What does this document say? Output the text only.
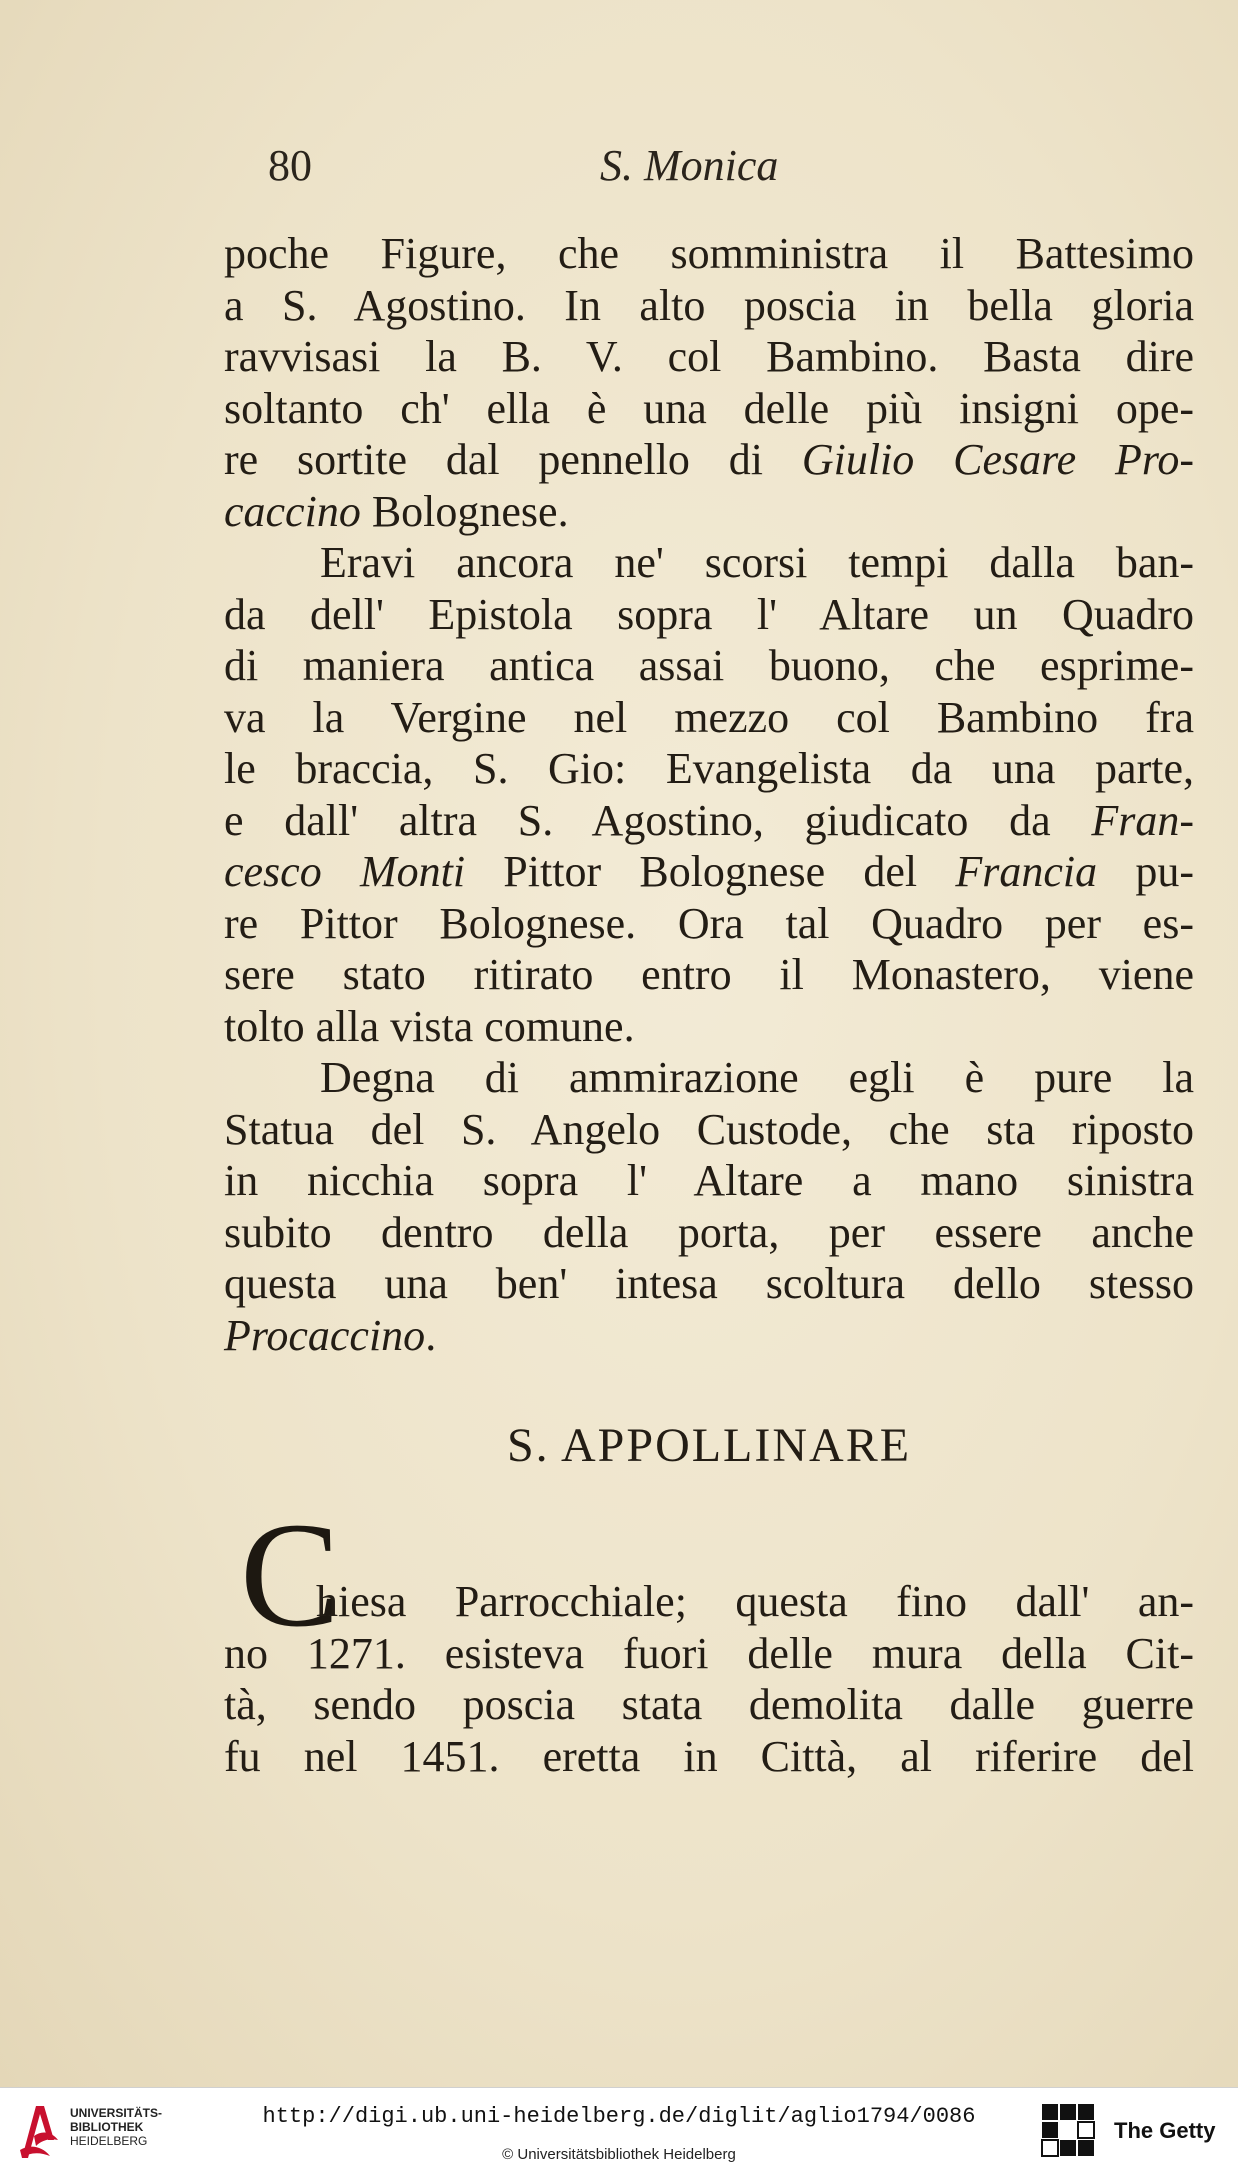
80	S. Monica
poche Figure, che somministra il Battesimo
a S. Agostino. In alto poscia in bella gloria
ravvisasi la B. V. col Bambino. Basta dire
soltanto ch' ella è una delle più insigni ope-
re sortite dal pennello di Giulio Cesare Pro-
caccino Bolognese.
Eravi ancora ne' scorsi tempi dalla ban-
da dell' Epistola sopra l' Altare un Quadro
di maniera antica assai buono, che esprime-
va la Vergine nel mezzo col Bambino fra
le braccia, S. Gio: Evangelista da una parte,
e dall' altra S. Agostino, giudicato da Fran-
cesco Monti Pittor Bolognese del Francia pu-
re Pittor Bolognese. Ora tal Quadro per es-
sere stato ritirato entro il Monastero, viene
tolto alla vista comune.
Degna di ammirazione egli è pure la
Statua del S. Angelo Custode, che sta riposto
in nicchia sopra l' Altare a mano sinistra
subito dentro della porta, per essere anche
questa una ben' intesa scoltura dello stesso
Procaccino.
S. APPOLLINARE
C
hiesa Parrocchiale; questa fino dall' an-
no 1271. esisteva fuori delle mura della Cit-
tà, sendo poscia stata demolita dalle guerre
fu nel 1451. eretta in Città, al riferire del
UNIVERSITÄTS-
BIBLIOTHEK
HEIDELBERG
http://digi.ub.uni-heidelberg.de/diglit/aglio1794/0086
© Universitätsbibliothek Heidelberg
The Getty
